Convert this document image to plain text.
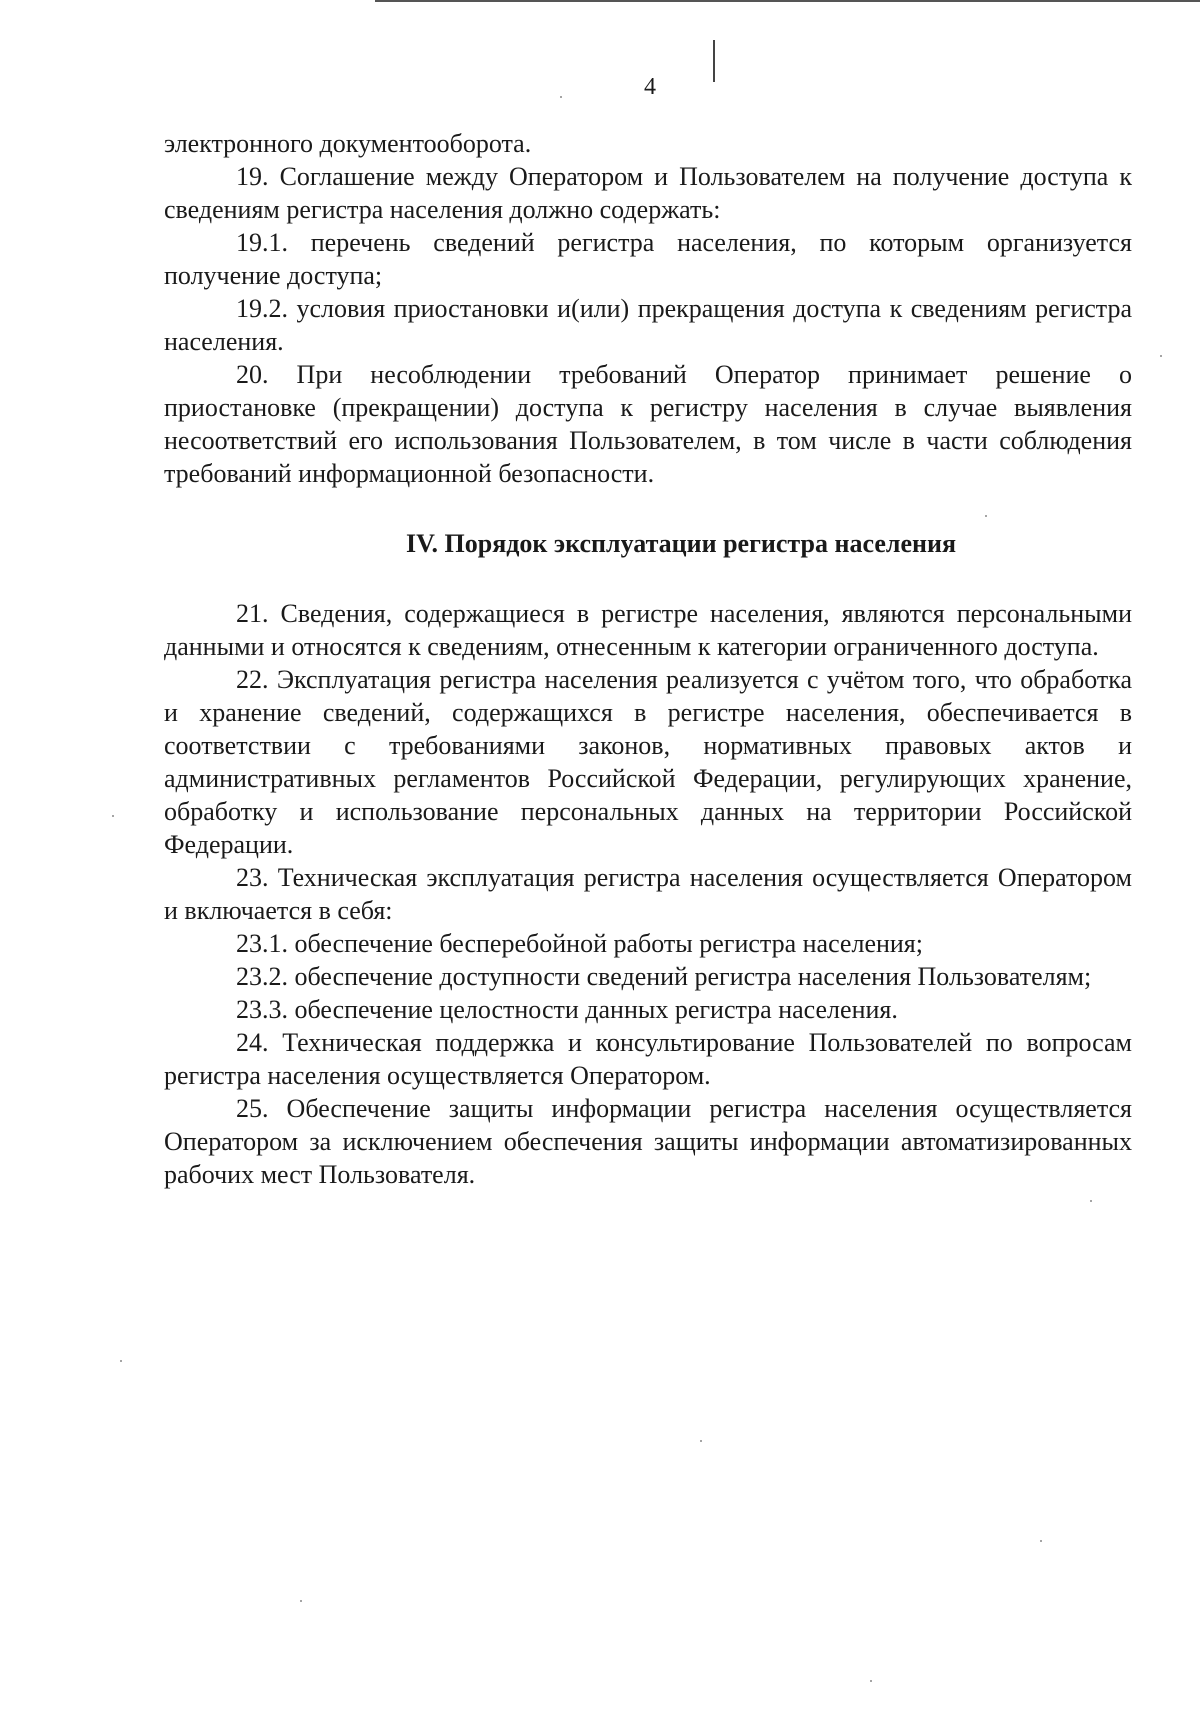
4

электронного документооборота.

19. Соглашение между Оператором и Пользователем на получение доступа к сведениям регистра населения должно содержать:

19.1. перечень сведений регистра населения, по которым организуется получение доступа;

19.2. условия приостановки и(или) прекращения доступа к сведениям регистра населения.

20. При несоблюдении требований Оператор принимает решение о приостановке (прекращении) доступа к регистру населения в случае выявления несоответствий его использования Пользователем, в том числе в части соблюдения требований информационной безопасности.

IV. Порядок эксплуатации регистра населения

21. Сведения, содержащиеся в регистре населения, являются персональными данными и относятся к сведениям, отнесенным к категории ограниченного доступа.

22. Эксплуатация регистра населения реализуется с учётом того, что обработка и хранение сведений, содержащихся в регистре населения, обеспечивается в соответствии с требованиями законов, нормативных правовых актов и административных регламентов Российской Федерации, регулирующих хранение, обработку и использование персональных данных на территории Российской Федерации.

23. Техническая эксплуатация регистра населения осуществляется Оператором и включается в себя:

23.1. обеспечение бесперебойной работы регистра населения;

23.2. обеспечение доступности сведений регистра населения Пользователям;

23.3. обеспечение целостности данных регистра населения.

24. Техническая поддержка и консультирование Пользователей по вопросам регистра населения осуществляется Оператором.

25. Обеспечение защиты информации регистра населения осуществляется Оператором за исключением обеспечения защиты информации автоматизированных рабочих мест Пользователя.
